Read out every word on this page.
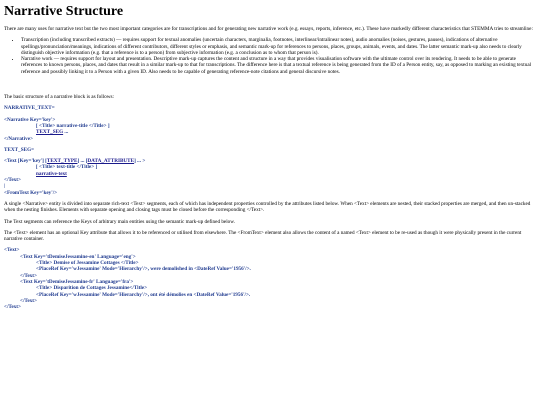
Narrative Structure

There are many uses for narrative text but the two most important categories are for transcriptions and for generating new narrative work (e.g. essays, reports, inference, etc.). These have markedly different characteristics that STEMMA tries to streamline:

• Transcription (including transcribed extracts) — requires support for textual anomalies (uncertain characters, marginalia, footnotes, interlinear/intralinear notes), audio anomalies (noises, gestures, pauses), indications of alternative spellings/pronunciation/meanings, indications of different contributors, different styles or emphasis, and semantic mark-up for references to persons, places, groups, animals, events, and dates. The latter semantic mark-up also needs to clearly distinguish objective information (e.g. that a reference is to a person) from subjective information (e.g. a conclusion as to whom that person is).
• Narrative work — requires support for layout and presentation. Descriptive mark-up captures the content and structure in a way that provides visualisation software with the ultimate control over its rendering. It needs to be able to generate references to known persons, places, and dates that result in a similar mark-up to that for transcriptions. The difference here is that a textual reference is being generated from the ID of a Person entity, say, as opposed to marking an existing textual reference and possibly linking it to a Person with a given ID. Also needs to be capable of generating reference-note citations and general discursive notes.

The basic structure of a narrative block is as follows:

NARRATIVE_TEXT=
<Narrative Key='key'>
[ <Title> narrative-title </Title> ]
TEXT_SEG ...
</Narrative>
TEXT_SEG=
<Text [Key='key'] [TEXT_TYPE] ... [DATA_ATTRIBUTE] ... >
[ <Title> text-title </Title> ]
narrative-text
</Text>
|
<FromText Key='key'/>

A single <Narrative> entity is divided into separate rich-text <Text> segments, each of which has independent properties controlled by the attributes listed below. When <Text> elements are nested, their stacked properties are merged, and then un-stacked when the nesting finishes. Elements with separate opening and closing tags must be closed before the corresponding </Text>.

The Text segments can reference the Keys of arbitrary main entities using the semantic mark-up defined below.

The <Text> element has an optional Key attribute that allows it to be referenced or utilised from elsewhere. The <FromText> element also allows the content of a named <Text> element to be re-used as though it were physically present in the current narrative container.

<Text>
<Text Key='tDemiseJessamine-en' Language='eng'>
<Title> Demise of Jessamine Cottages </Title>
<PlaceRef Key='wJessamine' Mode='Hierarchy'/>, were demolished in <DateRef Value='1956'/>.
</Text>
<Text Key='tDemiseJessamine-fr' Language='fra'>
<Title> Disparition de Cottages Jessamine</Title>
<PlaceRef Key='wJessamine' Mode='Hierarchy'/>, ont été démolies en <DateRef Value='1956'/>.
</Text>
</Text>
